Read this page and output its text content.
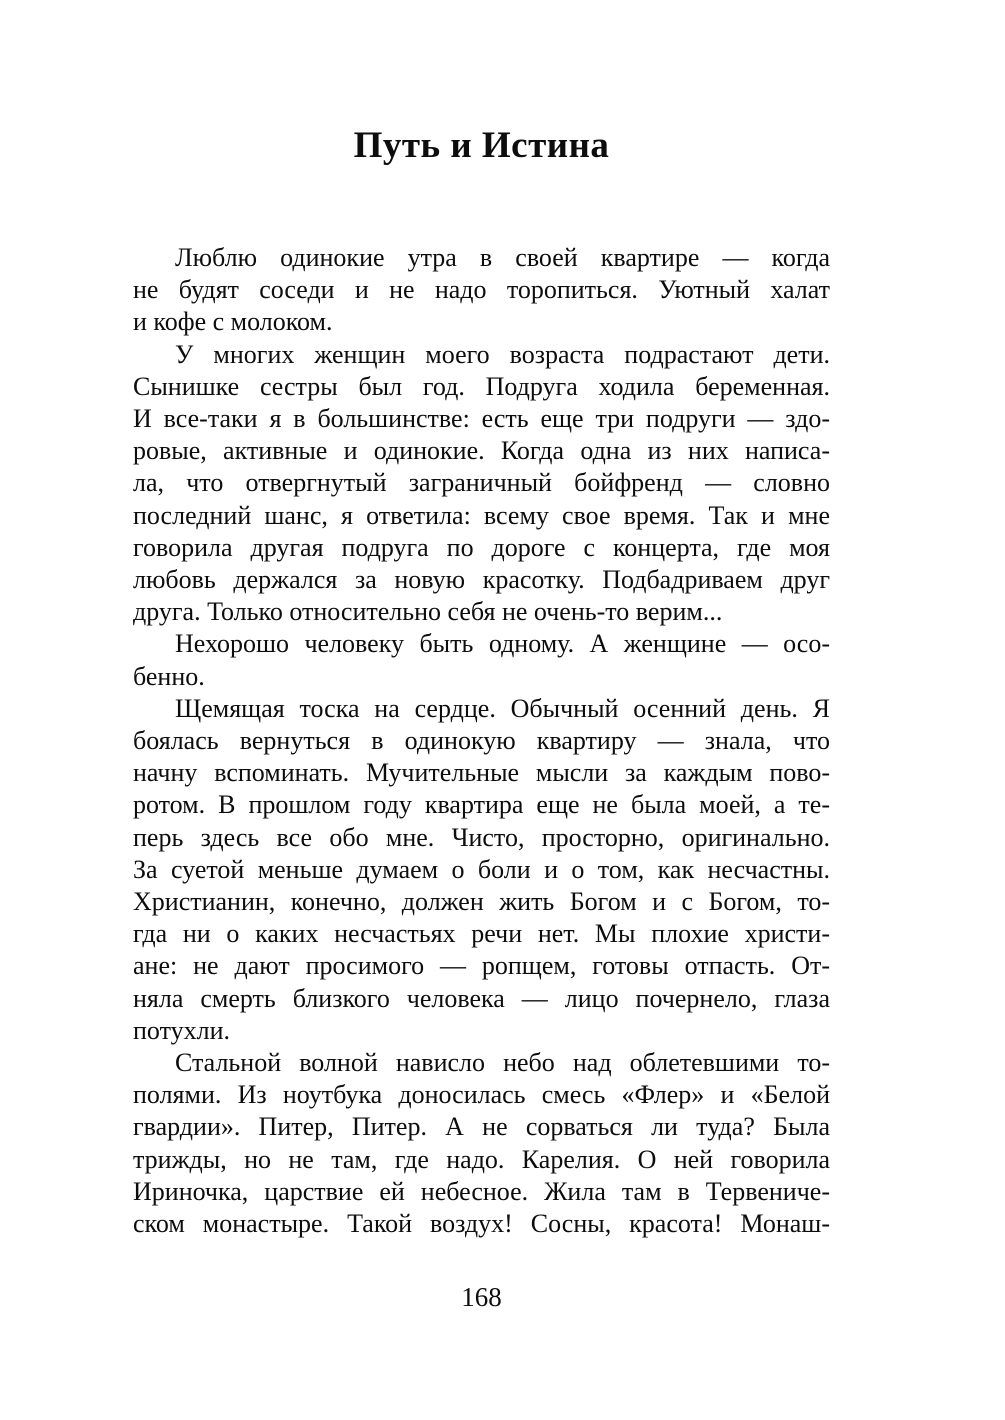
Путь и Истина
Люблю одинокие утра в своей квартире — когда
не будят соседи и не надо торопиться. Уютный халат
и кофе с молоком.
У многих женщин моего возраста подрастают дети.
Сынишке сестры был год. Подруга ходила беременная.
И все-таки я в большинстве: есть еще три подруги — здо-
ровые, активные и одинокие. Когда одна из них написа-
ла, что отвергнутый заграничный бойфренд — словно
последний шанс, я ответила: всему свое время. Так и мне
говорила другая подруга по дороге с концерта, где моя
любовь держался за новую красотку. Подбадриваем друг
друга. Только относительно себя не очень-то верим...
Нехорошо человеку быть одному. А женщине — осо-
бенно.
Щемящая тоска на сердце. Обычный осенний день. Я
боялась вернуться в одинокую квартиру — знала, что
начну вспоминать. Мучительные мысли за каждым пово-
ротом. В прошлом году квартира еще не была моей, а те-
перь здесь все обо мне. Чисто, просторно, оригинально.
За суетой меньше думаем о боли и о том, как несчастны.
Христианин, конечно, должен жить Богом и с Богом, то-
гда ни о каких несчастьях речи нет. Мы плохие христи-
ане: не дают просимого — ропщем, готовы отпасть. От-
няла смерть близкого человека — лицо почернело, глаза
потухли.
Стальной волной нависло небо над облетевшими то-
полями. Из ноутбука доносилась смесь «Флер» и «Белой
гвардии». Питер, Питер. А не сорваться ли туда? Была
трижды, но не там, где надо. Карелия. О ней говорила
Ириночка, царствие ей небесное. Жила там в Тервениче-
ском монастыре. Такой воздух! Сосны, красота! Монаш-
168
